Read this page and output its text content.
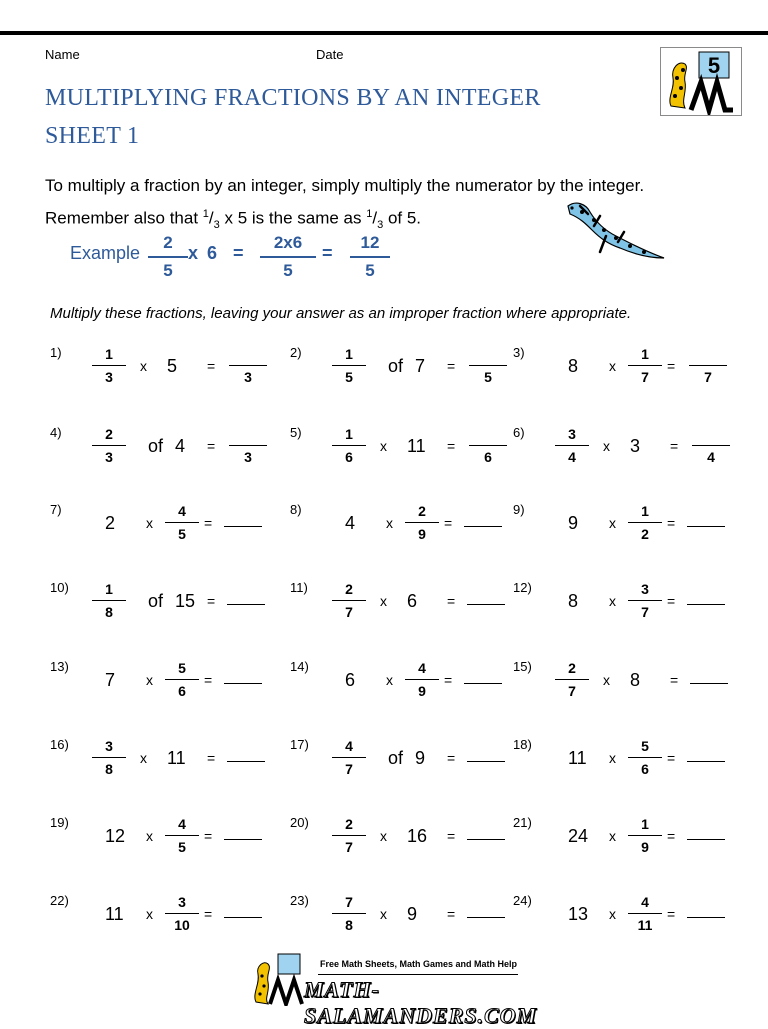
Name	Date	5
MULTIPLYING FRACTIONS BY AN INTEGER
SHEET 1
To multiply a fraction by an integer, simply multiply the numerator by the integer.
Remember also that $^1/_3$ x 5 is the same as $^1/_3$ of 5.
Example
2
5
x 6 =
2x6
5
=
12
5
Multiply these fractions, leaving your answer as an improper fraction where appropriate.
1)	1
3
x 5 =
3
2)	1
5
of 7 =
5
3)
8 x
1
7
=
7
4)	2
3
of 4 =
3
5)	1
6
x 11 =
6
6)	3
4
x 3 =
4
7)
2 x
4
5
=
8)
4 x
2
9
=
9)
9 x
1
2
=
10)	1
8
of 15 =
11)	2
7
x 6 =
12)
8 x
3
7
=
13)
7 x
5
6
=
14)
6 x
4
9
=
15)	2
7
x 8 =
16)	3
8
x 11 =
17)	4
7
of 9 =
18)
11 x
5
6
=
19)
12 x
4
5
=
20)	2
7
x 16 =
21)
24 x
1
9
=
22)
11 x
3
10
=
23)	7
8
x 9 =
24)
13 x
4
11
=
Free Math Sheets, Math Games and Math Help
MATH-SALAMANDERS.COM
